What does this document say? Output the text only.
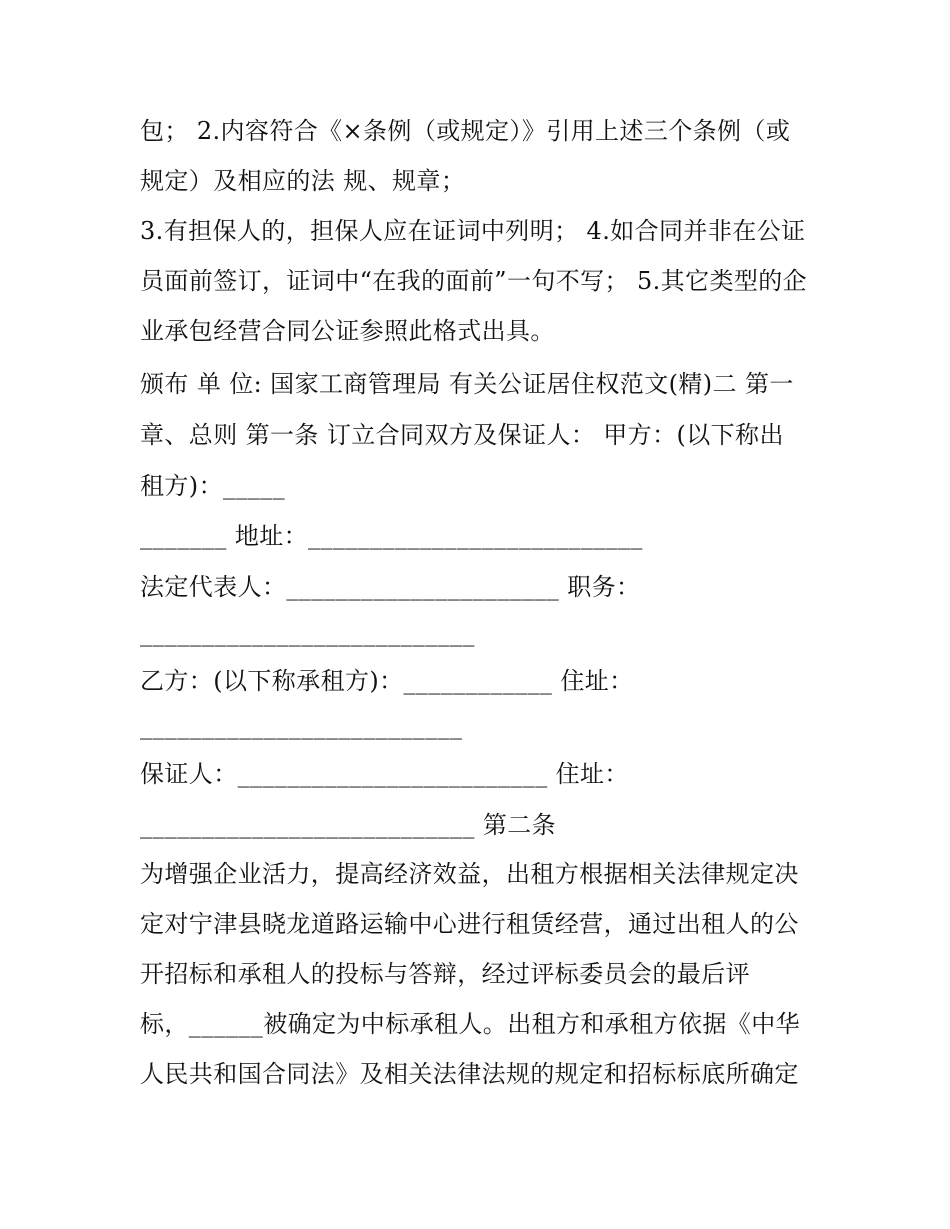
包； 2.内容符合《×条例（或规定）》引用上述三个条例（或
规定）及相应的法 规、规章；
3.有担保人的，担保人应在证词中列明； 4.如合同并非在公证
员面前签订，证词中“在我的面前”一句不写； 5.其它类型的企
业承包经营合同公证参照此格式出具。
颁布 单 位: 国家工商管理局 有关公证居住权范文(精)二 第一
章、总则 第一条 订立合同双方及保证人： 甲方：(以下称出
租方)：_____
_______ 地址：___________________________
法定代表人：______________________ 职务：
___________________________
乙方：(以下称承租方)：____________ 住址：
__________________________
保证人：_________________________ 住址：
___________________________ 第二条
为增强企业活力，提高经济效益，出租方根据相关法律规定决
定对宁津县晓龙道路运输中心进行租赁经营，通过出租人的公
开招标和承租人的投标与答辩，经过评标委员会的最后评
标，______被确定为中标承租人。出租方和承租方依据《中华
人民共和国合同法》及相关法律法规的规定和招标标底所确定
